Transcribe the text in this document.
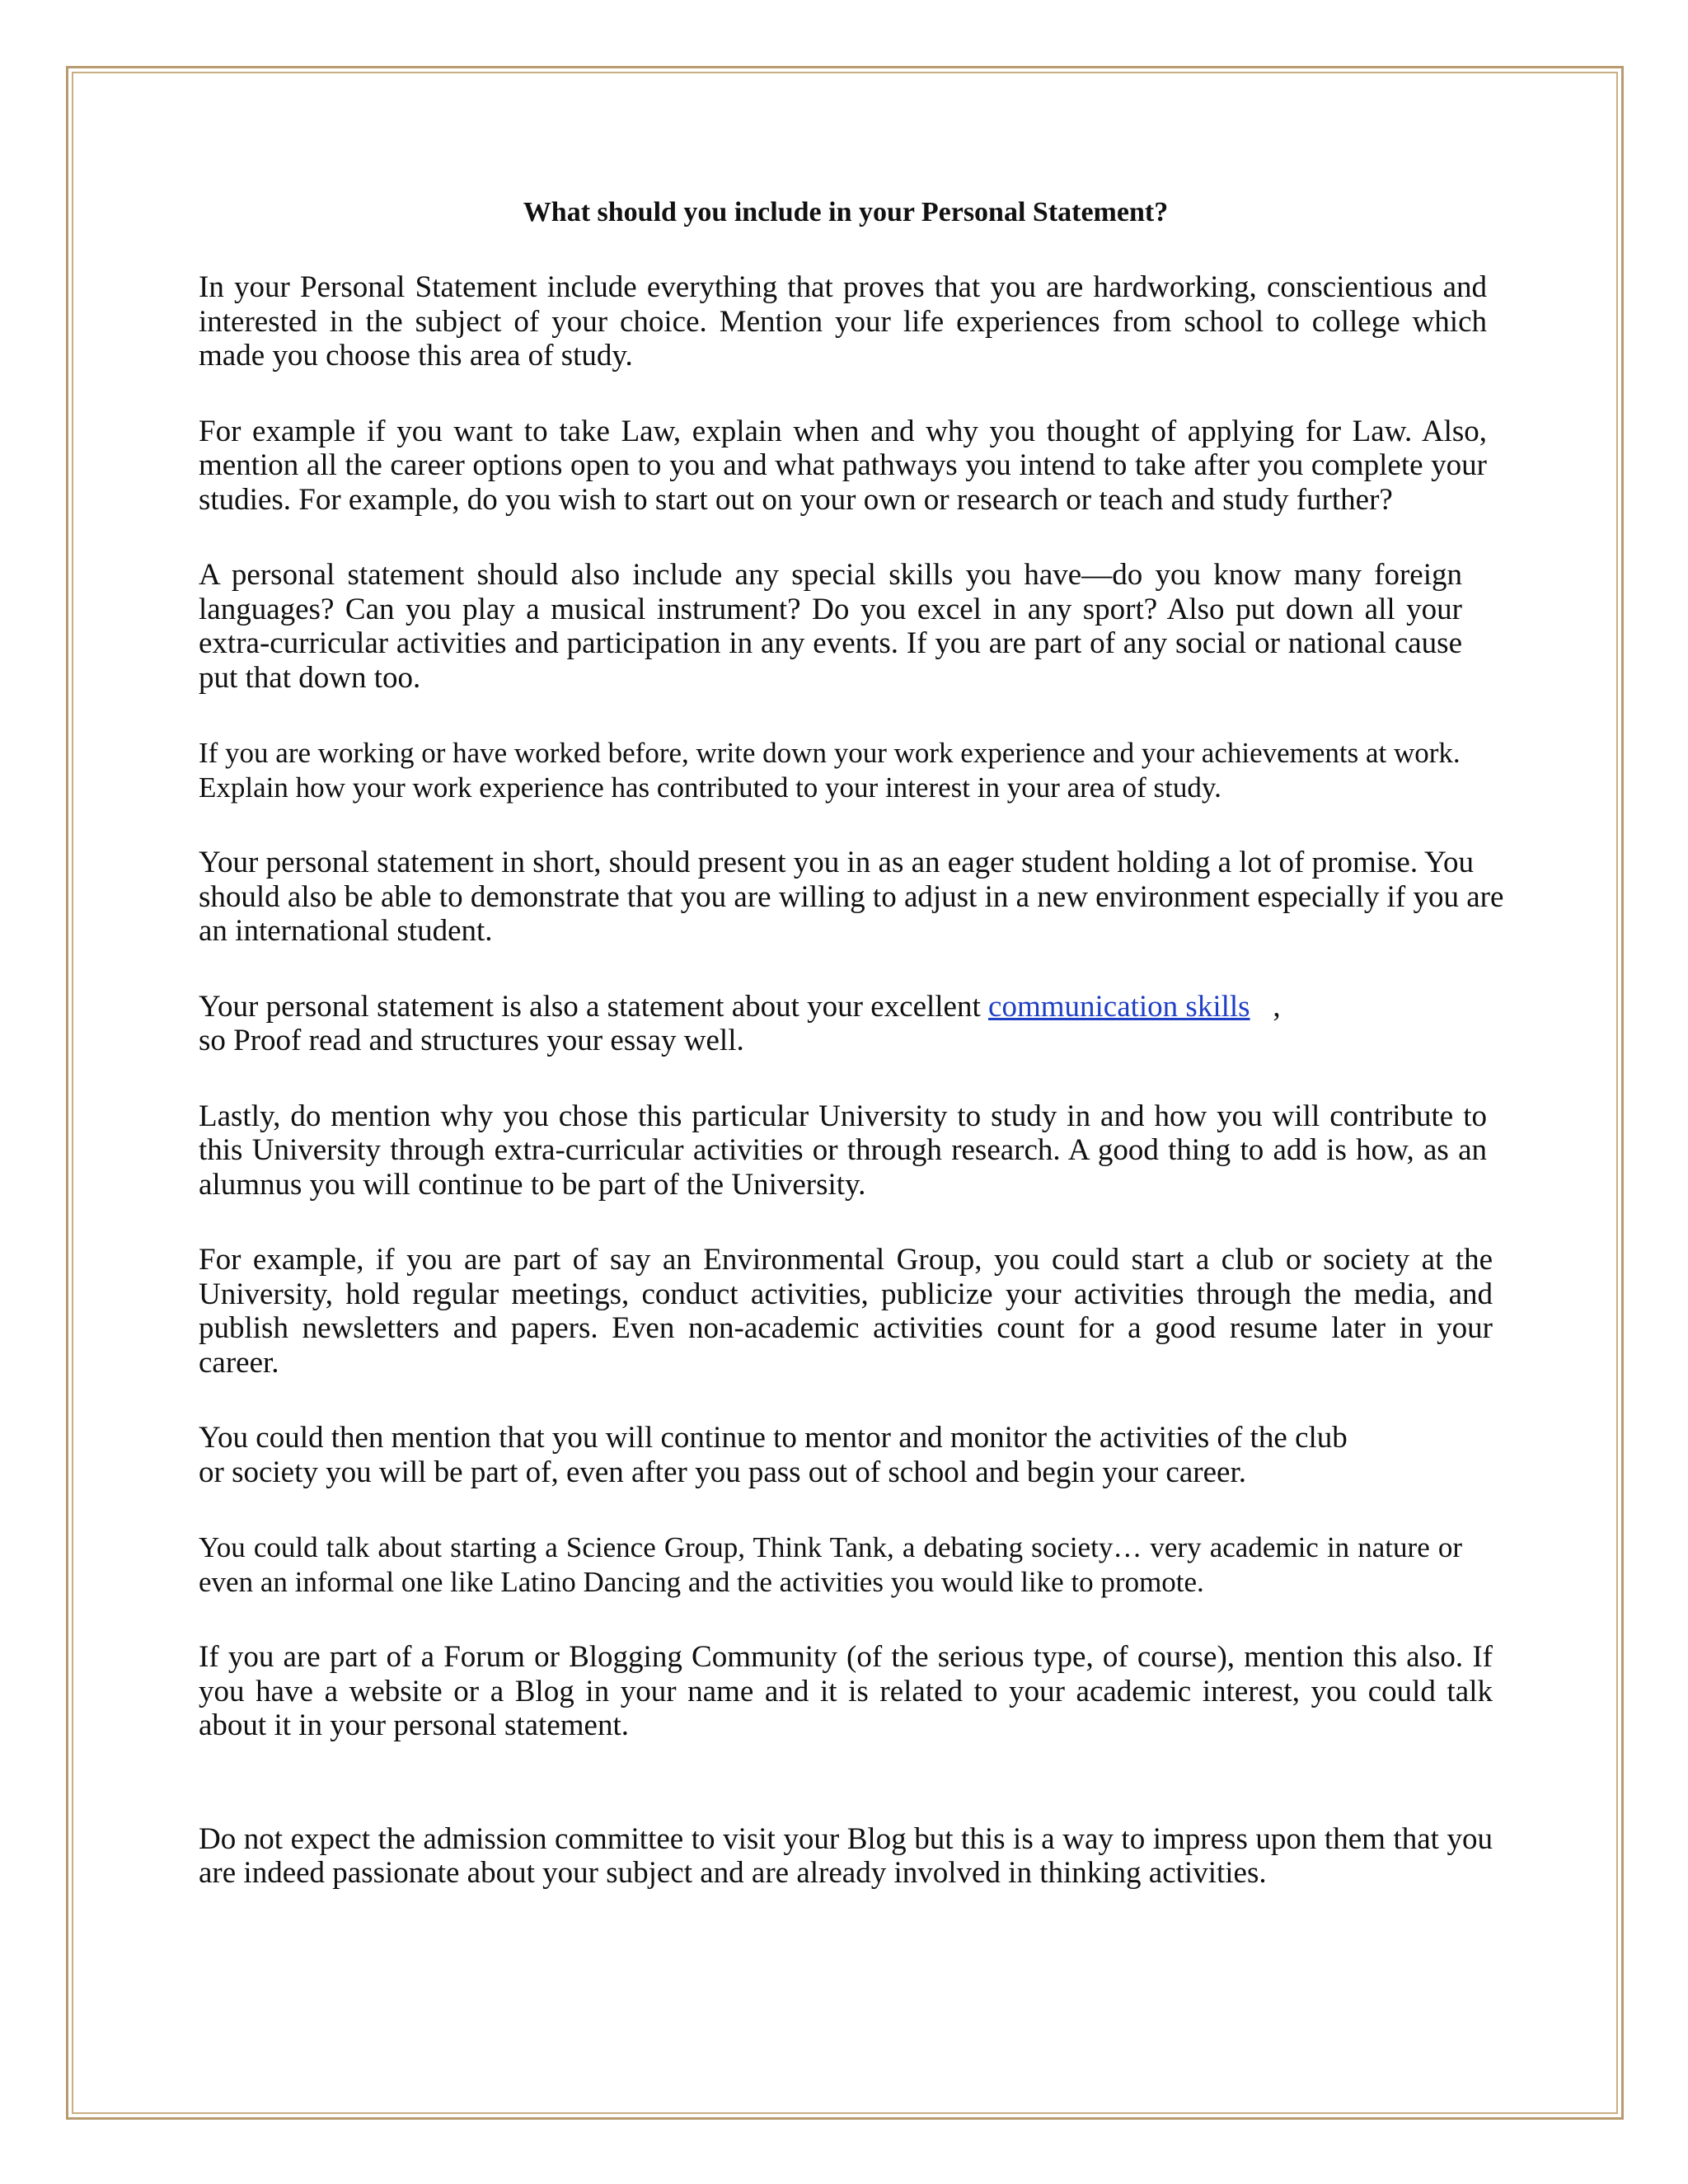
What should you include in your Personal Statement?

In your Personal Statement include everything that proves that you are hardworking, conscientious and interested in the subject of your choice. Mention your life experiences from school to college which made you choose this area of study.

For example if you want to take Law, explain when and why you thought of applying for Law. Also, mention all the career options open to you and what pathways you intend to take after you complete your studies. For example, do you wish to start out on your own or research or teach and study further?

A personal statement should also include any special skills you have—do you know many foreign languages? Can you play a musical instrument? Do you excel in any sport? Also put down all your extra-curricular activities and participation in any events. If you are part of any social or national cause put that down too.

If you are working or have worked before, write down your work experience and your achievements at work. Explain how your work experience has contributed to your interest in your area of study.

Your personal statement in short, should present you in as an eager student holding a lot of promise. You should also be able to demonstrate that you are willing to adjust in a new environment especially if you are an international student.

Your personal statement is also a statement about your excellent communication skills   ,
so Proof read and structures your essay well.

Lastly, do mention why you chose this particular University to study in and how you will contribute to this University through extra-curricular activities or through research. A good thing to add is how, as an alumnus you will continue to be part of the University.

For example, if you are part of say an Environmental Group, you could start a club or society at the University, hold regular meetings, conduct activities, publicize your activities through the media, and publish newsletters and papers. Even non-academic activities count for a good resume later in your career.

You could then mention that you will continue to mentor and monitor the activities of the club
or society you will be part of, even after you pass out of school and begin your career.

You could talk about starting a Science Group, Think Tank, a debating society… very academic in nature or even an informal one like Latino Dancing and the activities you would like to promote.

If you are part of a Forum or Blogging Community (of the serious type, of course), mention this also. If you have a website or a Blog in your name and it is related to your academic interest, you could talk about it in your personal statement.

Do not expect the admission committee to visit your Blog but this is a way to impress upon them that you are indeed passionate about your subject and are already involved in thinking activities.
